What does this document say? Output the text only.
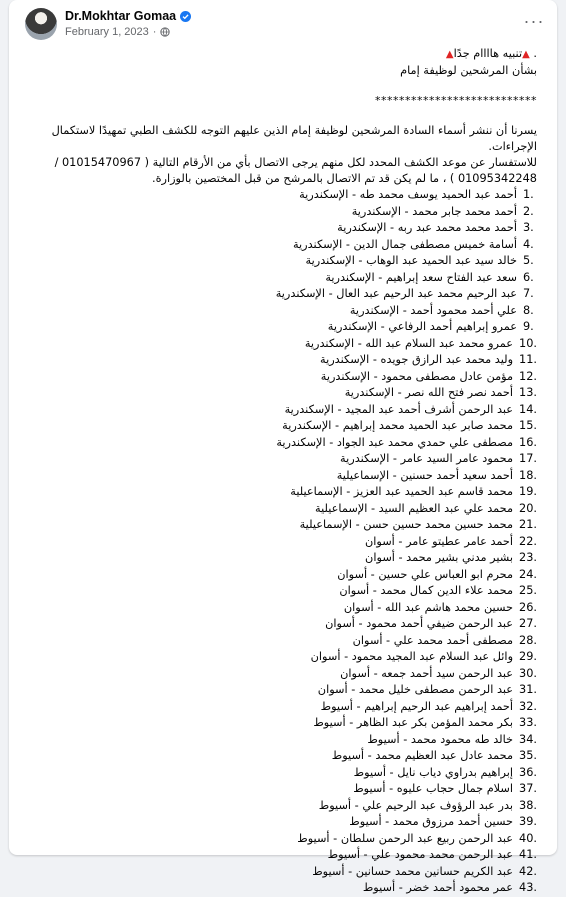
Dr.Mokhtar Gomaa
February 1, 2023 ·
···

. ▲تنبيه هاااام جدًا▲

بشأن المرشحين لوظيفة إمام

***************************

يسرنا أن ننشر أسماء السادة المرشحين لوظيفة إمام الذين عليهم التوجه للكشف الطبي تمهيدًا لاستكمال الإجراءات.

للاستفسار عن موعد الكشف المحدد لكل منهم يرجى الاتصال بأي من الأرقام التالية ( 01015470967 / 01095342248 ) ، ما لم يكن قد تم الاتصال بالمرشح من قبل المختصين بالوزارة.

1.
أحمد عبد الحميد يوسف محمد طه - الإسكندرية
2.
أحمد محمد جابر محمد - الإسكندرية
3.
أحمد محمد محمد عبد ربه - الإسكندرية
4.
أسامة خميس مصطفى جمال الدين - الإسكندرية
5.
خالد سيد عبد الحميد عبد الوهاب - الإسكندرية
6.
سعد عبد الفتاح سعد إبراهيم - الإسكندرية
7.
عبد الرحيم محمد عبد الرحيم عبد العال - الإسكندرية
8.
علي أحمد محمود أحمد - الإسكندرية
9.
عمرو إبراهيم أحمد الرفاعي - الإسكندرية
10.
عمرو محمد عبد السلام عبد الله - الإسكندرية
11.
وليد محمد عبد الرازق جويده - الإسكندرية
12.
مؤمن عادل مصطفى محمود - الإسكندرية
13.
أحمد نصر فتح الله نصر - الإسكندرية
14.
عبد الرحمن أشرف أحمد عبد المجيد - الإسكندرية
15.
محمد صابر عبد الحميد محمد إبراهيم - الإسكندرية
16.
مصطفى علي حمدي محمد عبد الجواد - الإسكندرية
17.
محمود عامر السيد عامر - الإسكندرية
18.
أحمد سعيد أحمد حسنين - الإسماعيلية
19.
محمد قاسم عبد الحميد عبد العزيز - الإسماعيلية
20.
محمد علي عبد العظيم السيد - الإسماعيلية
21.
محمد حسين محمد حسين حسن - الإسماعيلية
22.
أحمد عامر عطيتو عامر - أسوان
23.
بشير مدني بشير محمد - أسوان
24.
محرم ابو العباس علي حسين - أسوان
25.
محمد علاء الدين كمال محمد - أسوان
26.
حسين محمد هاشم عبد الله - أسوان
27.
عبد الرحمن ضيفي أحمد محمود - أسوان
28.
مصطفى أحمد محمد علي - أسوان
29.
وائل عبد السلام عبد المجيد محمود - أسوان
30.
عبد الرحمن سيد أحمد جمعه - أسوان
31.
عبد الرحمن مصطفى خليل محمد - أسوان
32.
أحمد إبراهيم عبد الرحيم إبراهيم - أسيوط
33.
بكر محمد المؤمن بكر عبد الظاهر - أسيوط
34.
خالد طه محمود محمد - أسيوط
35.
محمد عادل عبد العظيم محمد - أسيوط
36.
إبراهيم بدراوي دياب نايل - أسيوط
37.
اسلام جمال حجاب عليوه - أسيوط
38.
بدر عبد الرؤوف عبد الرحيم علي - أسيوط
39.
حسين أحمد مرزوق محمد - أسيوط
40.
عبد الرحمن ربيع عبد الرحمن سلطان - أسيوط
41.
عبد الرحمن محمد محمود علي - أسيوط
42.
عبد الكريم حسانين محمد حسانين - أسيوط
43.
عمر محمود أحمد خضر - أسيوط
